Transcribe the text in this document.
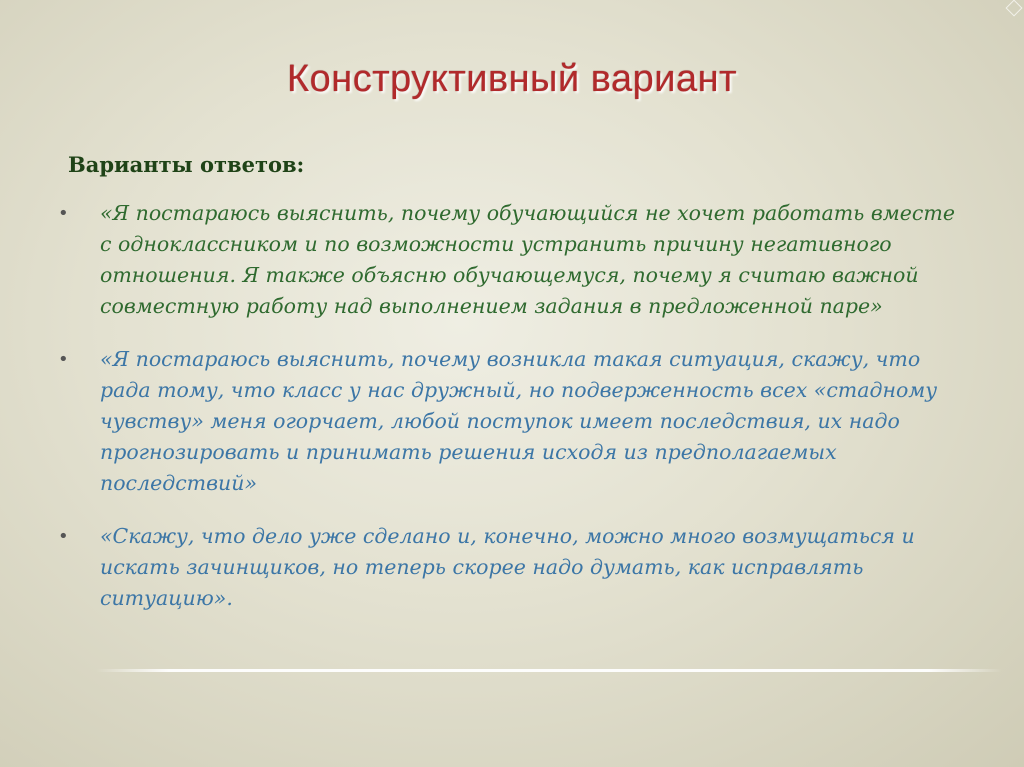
Конструктивный вариант

Варианты ответов:

• «Я постараюсь выяснить, почему обучающийся не хочет работать вместе с одноклассником и по возможности устранить причину негативного отношения. Я также объясню обучающемуся, почему я считаю важной совместную работу над выполнением задания в предложенной паре»
• «Я постараюсь выяснить, почему возникла такая ситуация, скажу, что рада тому, что класс у нас дружный, но подверженность всех «стадному чувству» меня огорчает, любой поступок имеет последствия, их надо прогнозировать и принимать решения исходя из предполагаемых последствий»
• «Скажу, что дело уже сделано и, конечно, можно много возмущаться и искать зачинщиков, но теперь скорее надо думать, как исправлять ситуацию».
